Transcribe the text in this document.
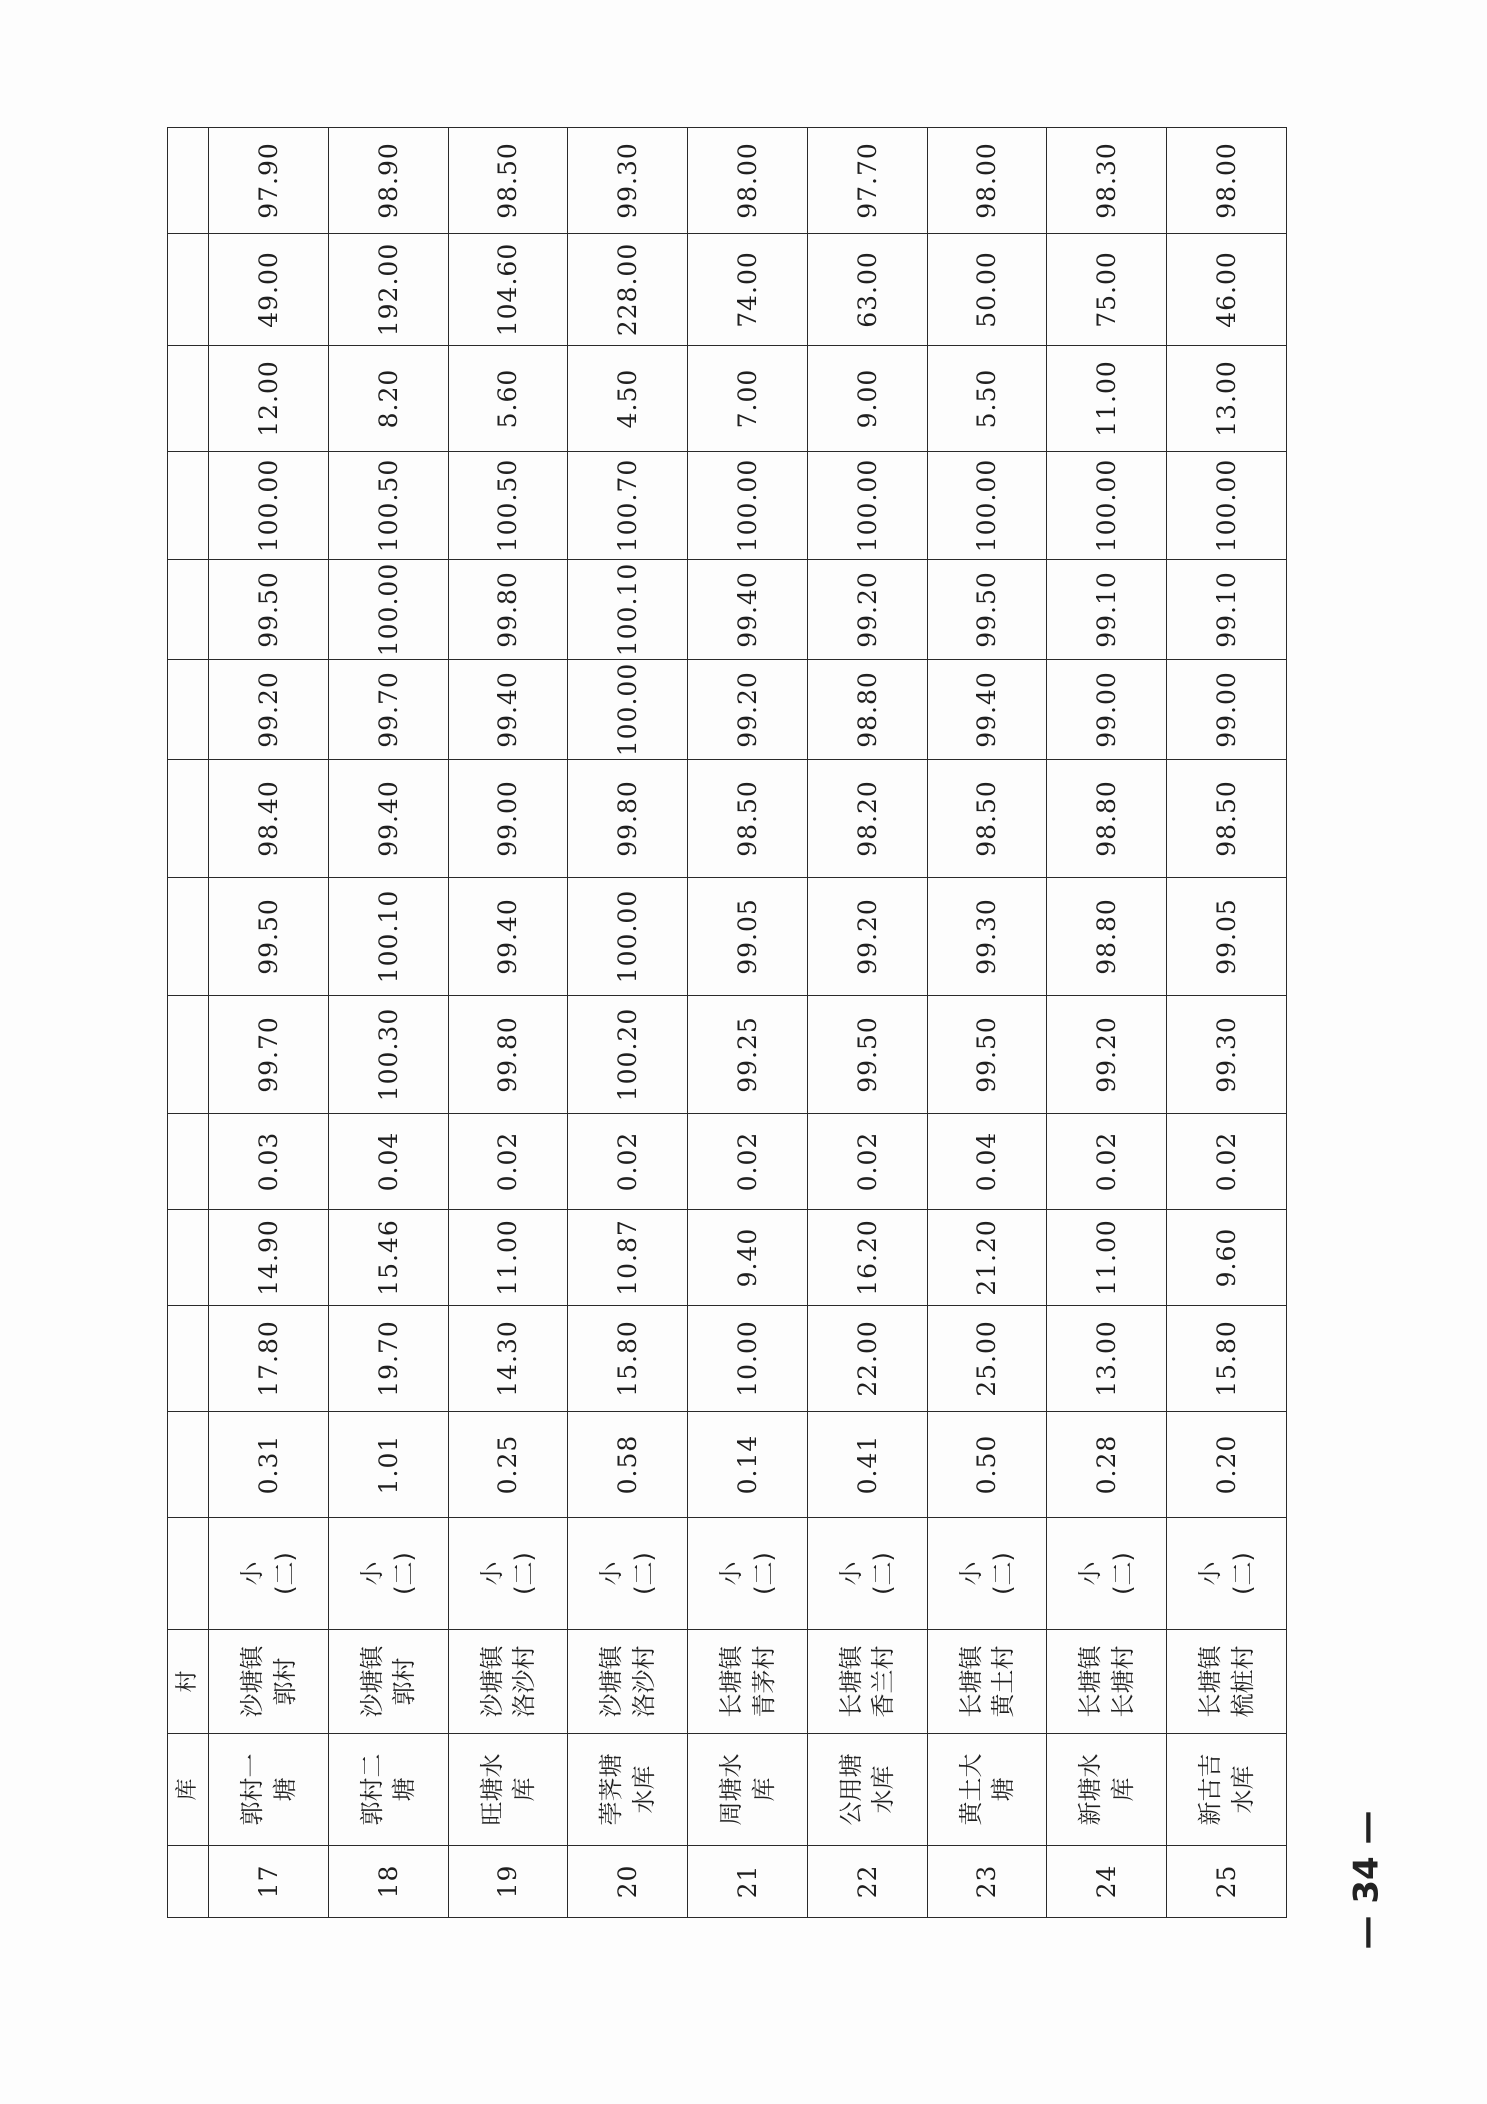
	库	村														
17	郭村一塘	沙塘镇郭村	小(二)	0.31	17.80	14.90	0.03	99.70	99.50	98.40	99.20	99.50	100.00	12.00	49.00	97.90
18	郭村二塘	沙塘镇郭村	小(二)	1.01	19.70	15.46	0.04	100.30	100.10	99.40	99.70	100.00	100.50	8.20	192.00	98.90
19	旺塘水库	沙塘镇洛沙村	小(二)	0.25	14.30	11.00	0.02	99.80	99.40	99.00	99.40	99.80	100.50	5.60	104.60	98.50
20	荸荠塘水库	沙塘镇洛沙村	小(二)	0.58	15.80	10.87	0.02	100.20	100.00	99.80	100.00	100.10	100.70	4.50	228.00	99.30
21	周塘水库	长塘镇青茅村	小(二)	0.14	10.00	9.40	0.02	99.25	99.05	98.50	99.20	99.40	100.00	7.00	74.00	98.00
22	公用塘水库	长塘镇香兰村	小(二)	0.41	22.00	16.20	0.02	99.50	99.20	98.20	98.80	99.20	100.00	9.00	63.00	97.70
23	黄土大塘	长塘镇黄土村	小(二)	0.50	25.00	21.20	0.04	99.50	99.30	98.50	99.40	99.50	100.00	5.50	50.00	98.00
24	新塘水库	长塘镇长塘村	小(二)	0.28	13.00	11.00	0.02	99.20	98.80	98.80	99.00	99.10	100.00	11.00	75.00	98.30
25	新古吉水库	长塘镇梳桩村	小(二)	0.20	15.80	9.60	0.02	99.30	99.05	98.50	99.00	99.10	100.00	13.00	46.00	98.00
— 34 —
